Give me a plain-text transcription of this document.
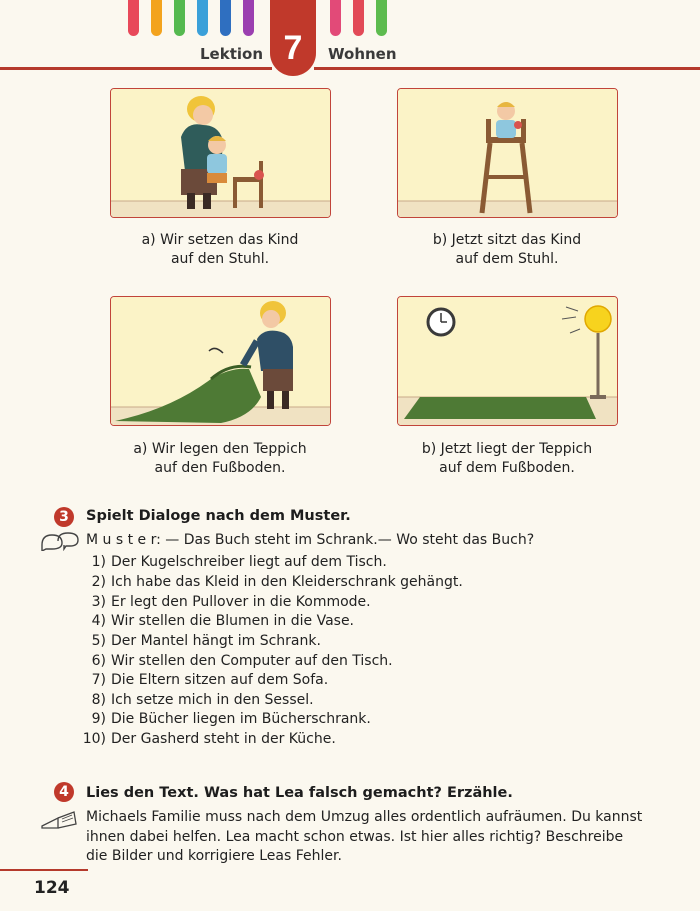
7
Lektion	Wohnen
a) Wir setzen das Kind
auf den Stuhl.
b) Jetzt sitzt das Kind
auf dem Stuhl.
a) Wir legen den Teppich
auf den Fußboden.
b) Jetzt liegt der Teppich
auf dem Fußboden.
3	Spielt Dialoge nach dem Muster.
M u s t e r: — Das Buch steht im Schrank.— Wo steht das Buch?
1) Der Kugelschreiber liegt auf dem Tisch.
2) Ich habe das Kleid in den Kleiderschrank gehängt.
3) Er legt den Pullover in die Kommode.
4) Wir stellen die Blumen in die Vase.
5) Der Mantel hängt im Schrank.
6) Wir stellen den Computer auf den Tisch.
7) Die Eltern sitzen auf dem Sofa.
8) Ich setze mich in den Sessel.
9) Die Bücher liegen im Bücherschrank.
10) Der Gasherd steht in der Küche.
4	Lies den Text. Was hat Lea falsch gemacht? Erzähle.
Michaels Familie muss nach dem Umzug alles ordentlich aufräumen. Du kannst ihnen dabei helfen. Lea macht schon etwas. Ist hier alles richtig? Beschreibe die Bilder und korrigiere Leas Fehler.
124
